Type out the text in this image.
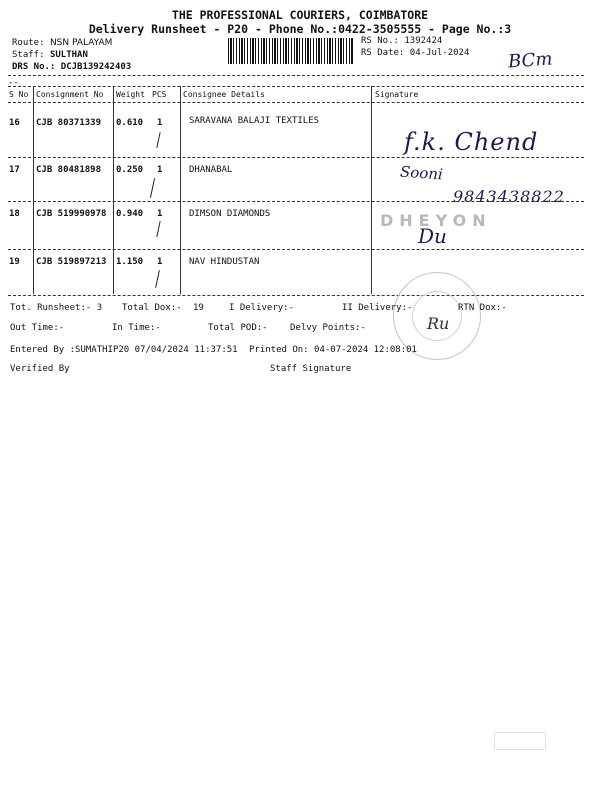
THE PROFESSIONAL COURIERS, COIMBATORE
Delivery Runsheet - P20 - Phone No.:0422-3505555 - Page No.:3
Route: NSN PALAYAM
Staff: SULTHAN
DRS No.: DCJB139242403
RS No.: 1392424
RS Date: 04-Jul-2024 BCm
--
S No Consignment No Weight PCS Consignee Details	Signature
16 CJB 80371339 0.610 1	SARAVANA BALAJI TEXTILES
f.k. Chend
17 CJB 80481898 0.250 1	DHANABAL	Sooni
9843438822
18 CJB 519990978 0.940 1	DIMSON DIAMONDS	DHEYON
Du
19 CJB 519897213 1.150 1	NAV HINDUSTAN
Ru
Tot. Runsheet:- 3 Total Dox:- 19	I Delivery:-	II Delivery:-	RTN Dox:-
Out Time:-	In Time:-	Total POD:- Delvy Points:-
Entered By :SUMATHIP20 07/04/2024 11:37:51 Printed On: 04-07-2024 12:08:01
Verified By	Staff Signature
